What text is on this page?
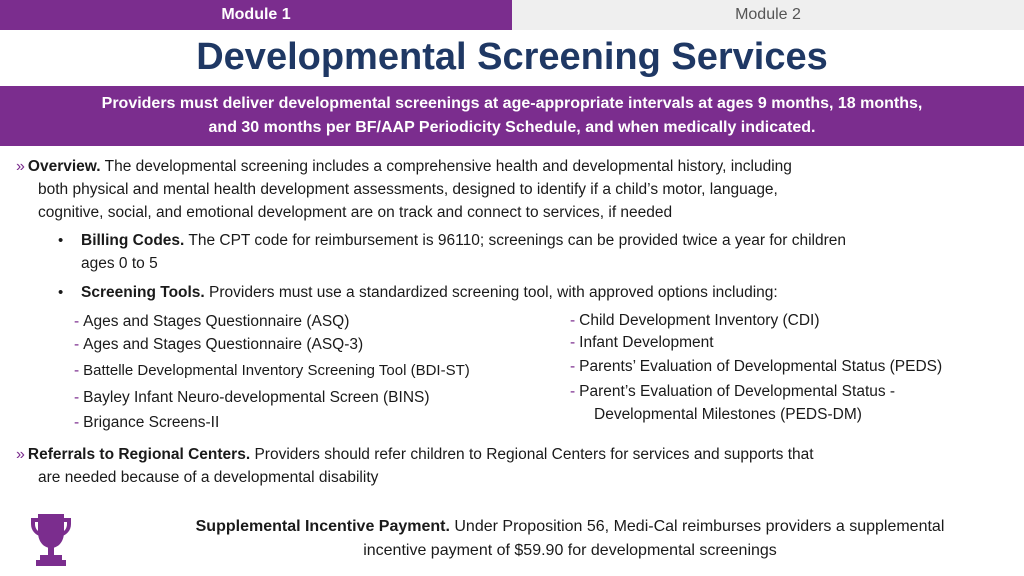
Module 1	Module 2
Developmental Screening Services
Providers must deliver developmental screenings at age-appropriate intervals at ages 9 months, 18 months,
and 30 months per BF/AAP Periodicity Schedule, and when medically indicated.
» Overview. The developmental screening includes a comprehensive health and developmental history, including
both physical and mental health development assessments, designed to identify if a child’s motor, language,
cognitive, social, and emotional development are on track and connect to services, if needed
• Billing Codes. The CPT code for reimbursement is 96110; screenings can be provided twice a year for children
ages 0 to 5
• Screening Tools. Providers must use a standardized screening tool, with approved options including:
- Ages and Stages Questionnaire (ASQ)
- Ages and Stages Questionnaire (ASQ-3)
- Battelle Developmental Inventory Screening Tool (BDI-ST)
- Bayley Infant Neuro-developmental Screen (BINS)
- Brigance Screens-II
- Child Development Inventory (CDI)
- Infant Development
- Parents’ Evaluation of Developmental Status (PEDS)
- Parent’s Evaluation of Developmental Status -
Developmental Milestones (PEDS-DM)
» Referrals to Regional Centers. Providers should refer children to Regional Centers for services and supports that
are needed because of a developmental disability
Supplemental Incentive Payment. Under Proposition 56, Medi-Cal reimburses providers a supplemental
incentive payment of $59.90 for developmental screenings
